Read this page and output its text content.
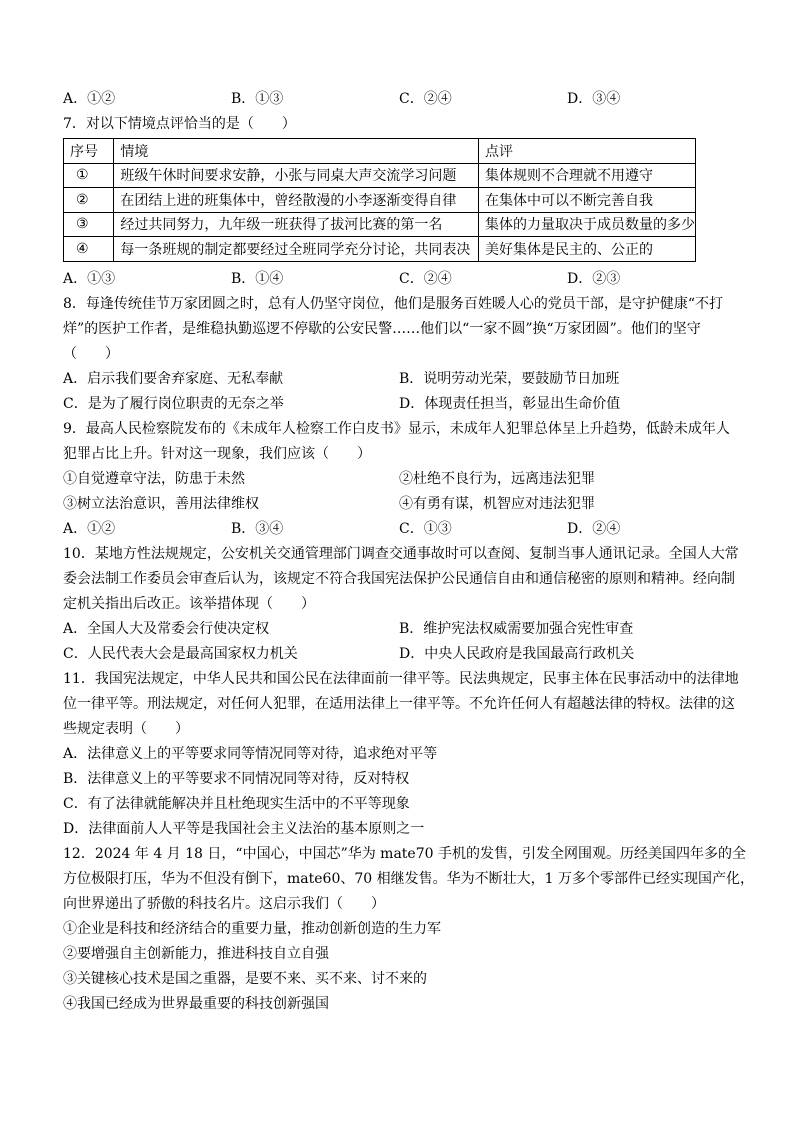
A．①②	B．①③	C．②④	D．③④
7．对以下情境点评恰当的是（　　）
序号	情境	点评
①	班级午休时间要求安静，小张与同桌大声交流学习问题	集体规则不合理就不用遵守
②	在团结上进的班集体中，曾经散漫的小李逐渐变得自律	在集体中可以不断完善自我
③	经过共同努力，九年级一班获得了拔河比赛的第一名	集体的力量取决于成员数量的多少
④	每一条班规的制定都要经过全班同学充分讨论，共同表决	美好集体是民主的、公正的
A．①③	B．①④	C．②④	D．②③
8．每逢传统佳节万家团圆之时，总有人仍坚守岗位，他们是服务百姓暖人心的党员干部，是守护健康“不打
烊”的医护工作者，是维稳执勤巡逻不停歇的公安民警……他们以“一家不圆”换“万家团圆”。他们的坚守
（　　）
A．启示我们要舍弃家庭、无私奉献	B．说明劳动光荣，要鼓励节日加班
C．是为了履行岗位职责的无奈之举	D．体现责任担当，彰显出生命价值
9．最高人民检察院发布的《未成年人检察工作白皮书》显示，未成年人犯罪总体呈上升趋势，低龄未成年人
犯罪占比上升。针对这一现象，我们应该（　　）
①自觉遵章守法，防患于未然	②杜绝不良行为，远离违法犯罪
③树立法治意识，善用法律维权	④有勇有谋，机智应对违法犯罪
A．①②	B．③④	C．①③	D．②④
10．某地方性法规规定，公安机关交通管理部门调查交通事故时可以查阅、复制当事人通讯记录。全国人大常
委会法制工作委员会审查后认为，该规定不符合我国宪法保护公民通信自由和通信秘密的原则和精神。经向制
定机关指出后改正。该举措体现（　　）
A．全国人大及常委会行使决定权	B．维护宪法权威需要加强合宪性审查
C．人民代表大会是最高国家权力机关	D．中央人民政府是我国最高行政机关
11．我国宪法规定，中华人民共和国公民在法律面前一律平等。民法典规定，民事主体在民事活动中的法律地
位一律平等。刑法规定，对任何人犯罪，在适用法律上一律平等。不允许任何人有超越法律的特权。法律的这
些规定表明（　　）
A．法律意义上的平等要求同等情况同等对待，追求绝对平等
B．法律意义上的平等要求不同情况同等对待，反对特权
C．有了法律就能解决并且杜绝现实生活中的不平等现象
D．法律面前人人平等是我国社会主义法治的基本原则之一
12．2024 年 4 月 18 日，“中国心，中国芯”华为 mate70 手机的发售，引发全网围观。历经美国四年多的全
方位极限打压，华为不但没有倒下，mate60、70 相继发售。华为不断壮大，1 万多个零部件已经实现国产化，
向世界递出了骄傲的科技名片。这启示我们（　　）
①企业是科技和经济结合的重要力量，推动创新创造的生力军
②要增强自主创新能力，推进科技自立自强
③关键核心技术是国之重器，是要不来、买不来、讨不来的
④我国已经成为世界最重要的科技创新强国
